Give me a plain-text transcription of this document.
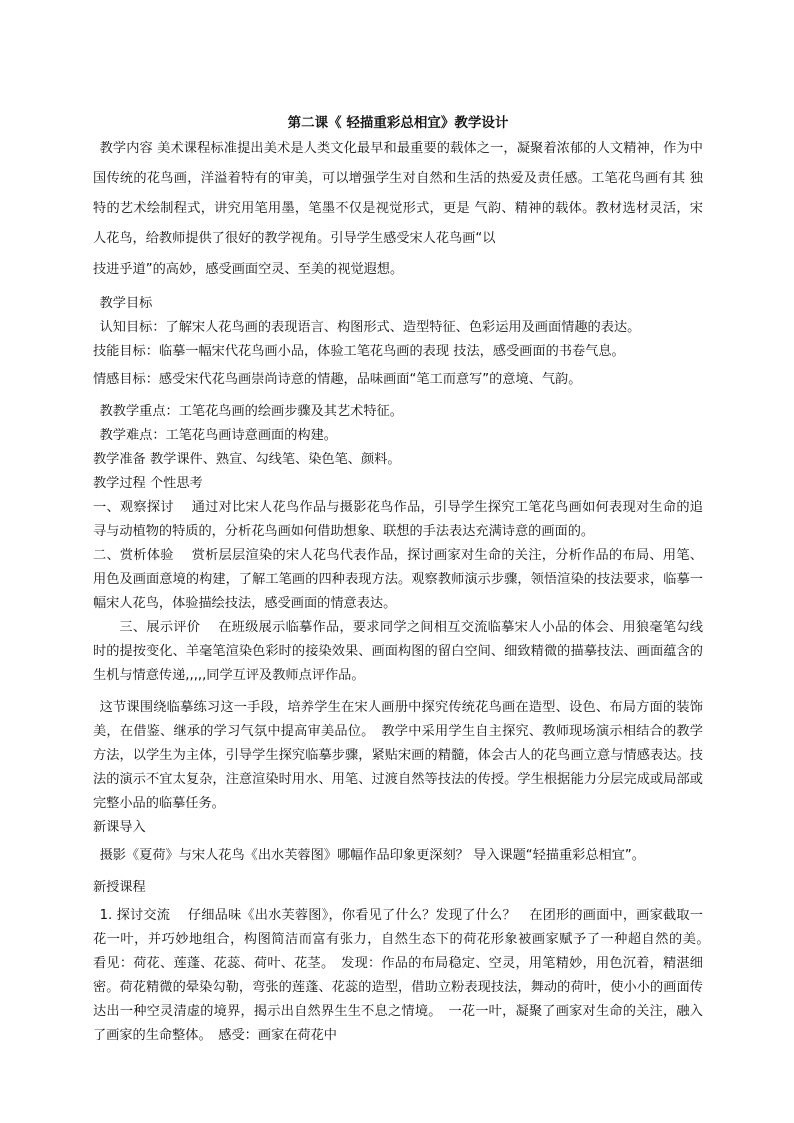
第二课《 轻描重彩总相宜》教学设计

教学内容 美术课程标准提出美术是人类文化最早和最重要的载体之一，凝聚着浓郁的人文精神，作为中国传统的花鸟画，洋溢着特有的审美，可以增强学生对自然和生活的热爱及责任感。工笔花鸟画有其 独特的艺术绘制程式，讲究用笔用墨，笔墨不仅是视觉形式，更是 气韵、精神的载体。教材选材灵活，宋人花鸟，给教师提供了很好的教学视角。引导学生感受宋人花鸟画“以

技进乎道”的高妙，感受画面空灵、至美的视觉遐想。

教学目标

认知目标：了解宋人花鸟画的表现语言、构图形式、造型特征、色彩运用及画面情趣的表达。

技能目标：临摹一幅宋代花鸟画小品，体验工笔花鸟画的表现 技法，感受画面的书卷气息。

情感目标：感受宋代花鸟画崇尚诗意的情趣，品味画面“笔工而意写”的意境、气韵。

教教学重点：工笔花鸟画的绘画步骤及其艺术特征。

教学难点：工笔花鸟画诗意画面的构建。

教学准备 教学课件、熟宣、勾线笔、染色笔、颜料。

教学过程 个性思考

一、观察探讨　 通过对比宋人花鸟作品与摄影花鸟作品，引导学生探究工笔花鸟画如何表现对生命的追寻与动植物的特质的，分析花鸟画如何借助想象、联想的手法表达充满诗意的画面的。

二、赏析体验　 赏析层层渲染的宋人花鸟代表作品，探讨画家对生命的关注，分析作品的布局、用笔、用色及画面意境的构建，了解工笔画的四种表现方法。观察教师演示步骤，领悟渲染的技法要求，临摹一幅宋人花鸟，体验描绘技法，感受画面的情意表达。

三、展示评价　 在班级展示临摹作品，要求同学之间相互交流临摹宋人小品的体会、用狼毫笔勾线时的提按变化、羊毫笔渲染色彩时的接染效果、画面构图的留白空间、细致精微的描摹技法、画面蕴含的生机与情意传递,,,,,同学互评及教师点评作品。

这节课围绕临摹练习这一手段，培养学生在宋人画册中探究传统花鸟画在造型、设色、布局方面的装饰美，在借鉴、继承的学习气氛中提高审美品位。　教学中采用学生自主探究、教师现场演示相结合的教学方法，以学生为主体，引导学生探究临摹步骤，紧贴宋画的精髓，体会古人的花鸟画立意与情感表达。技法的演示不宜太复杂，注意渲染时用水、用笔、过渡自然等技法的传授。学生根据能力分层完成或局部或完整小品的临摹任务。

新课导入

摄影《夏荷》与宋人花鸟《出水芙蓉图》哪幅作品印象更深刻？ 导入课题“轻描重彩总相宜”。

新授课程

1. 探讨交流　 仔细品味《出水芙蓉图》，你看见了什么？发现了什么？　在团形的画面中，画家截取一花一叶，并巧妙地组合，构图简洁而富有张力，自然生态下的荷花形象被画家赋予了一种超自然的美。　看见：荷花、莲蓬、花蕊、荷叶、花茎。　发现：作品的布局稳定、空灵，用笔精妙，用色沉着，精湛细密。荷花精微的晕染勾勒，弯张的莲蓬、花蕊的造型，借助立粉表现技法，舞动的荷叶，使小小的画面传达出一种空灵清虚的境界，揭示出自然界生生不息之情境。　一花一叶，凝聚了画家对生命的关注，融入了画家的生命整体。　感受：画家在荷花中
